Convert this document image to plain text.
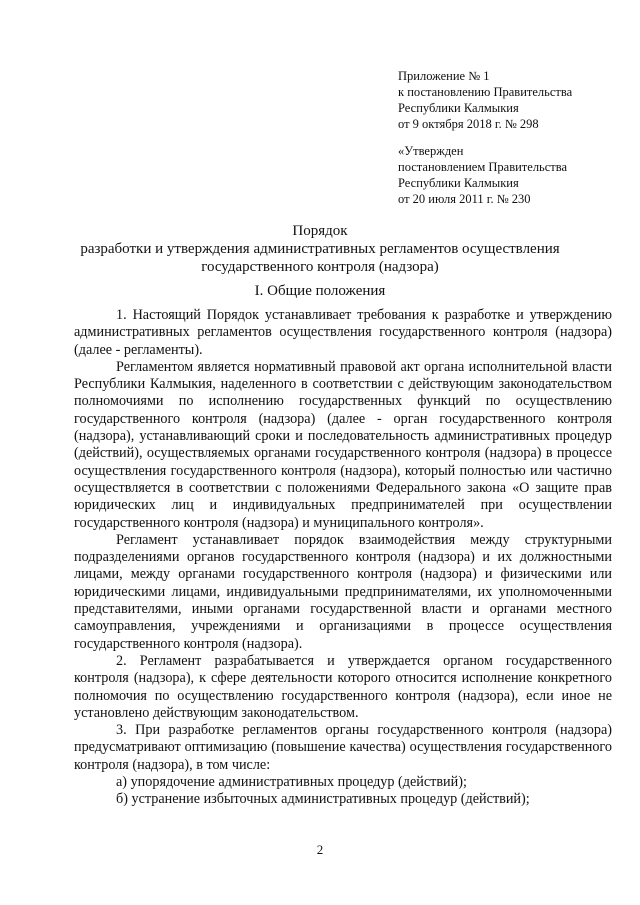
Приложение № 1
к постановлению Правительства
Республики Калмыкия
от 9 октября 2018 г. № 298
«Утвержден
постановлением Правительства
Республики Калмыкия
от 20 июля 2011 г. № 230
Порядок
разработки и утверждения административных регламентов осуществления
государственного контроля (надзора)
I. Общие положения

1. Настоящий Порядок устанавливает требования к разработке и утверждению административных регламентов осуществления государственного контроля (надзора) (далее - регламенты).

Регламентом является нормативный правовой акт органа исполнительной власти Республики Калмыкия, наделенного в соответствии с действующим законодательством полномочиями по исполнению государственных функций по осуществлению государственного контроля (надзора) (далее - орган государственного контроля (надзора), устанавливающий сроки и последовательность административных процедур (действий), осуществляемых органами государственного контроля (надзора) в процессе осуществления государственного контроля (надзора), который полностью или частично осуществляется в соответствии с положениями Федерального закона «О защите прав юридических лиц и индивидуальных предпринимателей при осуществлении государственного контроля (надзора) и муниципального контроля».

Регламент устанавливает порядок взаимодействия между структурными подразделениями органов государственного контроля (надзора) и их должностными лицами, между органами государственного контроля (надзора) и физическими или юридическими лицами, индивидуальными предпринимателями, их уполномоченными представителями, иными органами государственной власти и органами местного самоуправления, учреждениями и организациями в процессе осуществления государственного контроля (надзора).

2. Регламент разрабатывается и утверждается органом государственного контроля (надзора), к сфере деятельности которого относится исполнение конкретного полномочия по осуществлению государственного контроля (надзора), если иное не установлено действующим законодательством.

3. При разработке регламентов органы государственного контроля (надзора) предусматривают оптимизацию (повышение качества) осуществления государственного контроля (надзора), в том числе:

а) упорядочение административных процедур (действий);

б) устранение избыточных административных процедур (действий);

2
